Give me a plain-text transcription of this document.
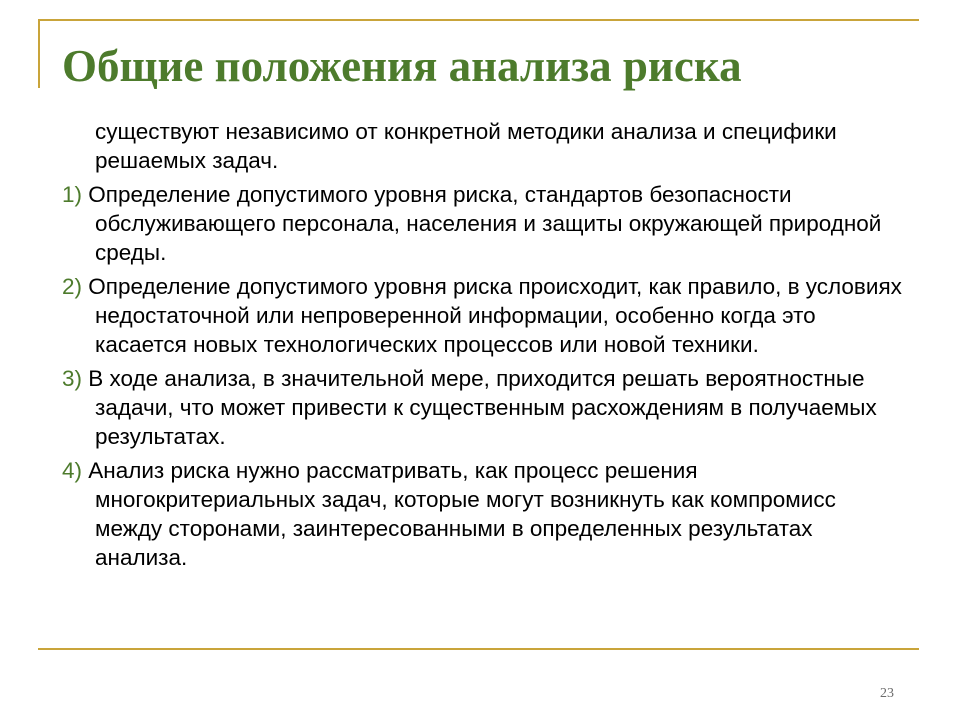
Общие положения анализа риска

существуют независимо от конкретной методики анализа и специфики решаемых задач.

1) Определение допустимого уровня риска, стандартов безопасности обслуживающего персонала, населения и защиты окружающей природной среды.

2) Определение допустимого уровня риска происходит, как правило, в условиях недостаточной или непроверенной информации, особенно когда это касается новых технологических процессов или новой техники.

3) В ходе анализа, в значительной мере, приходится решать вероятностные задачи, что может привести к существенным расхождениям в получаемых результатах.

4) Анализ риска нужно рассматривать, как процесс решения многокритериальных задач, которые могут возникнуть как компромисс между сторонами, заинтересованными в определенных результатах анализа.

23
